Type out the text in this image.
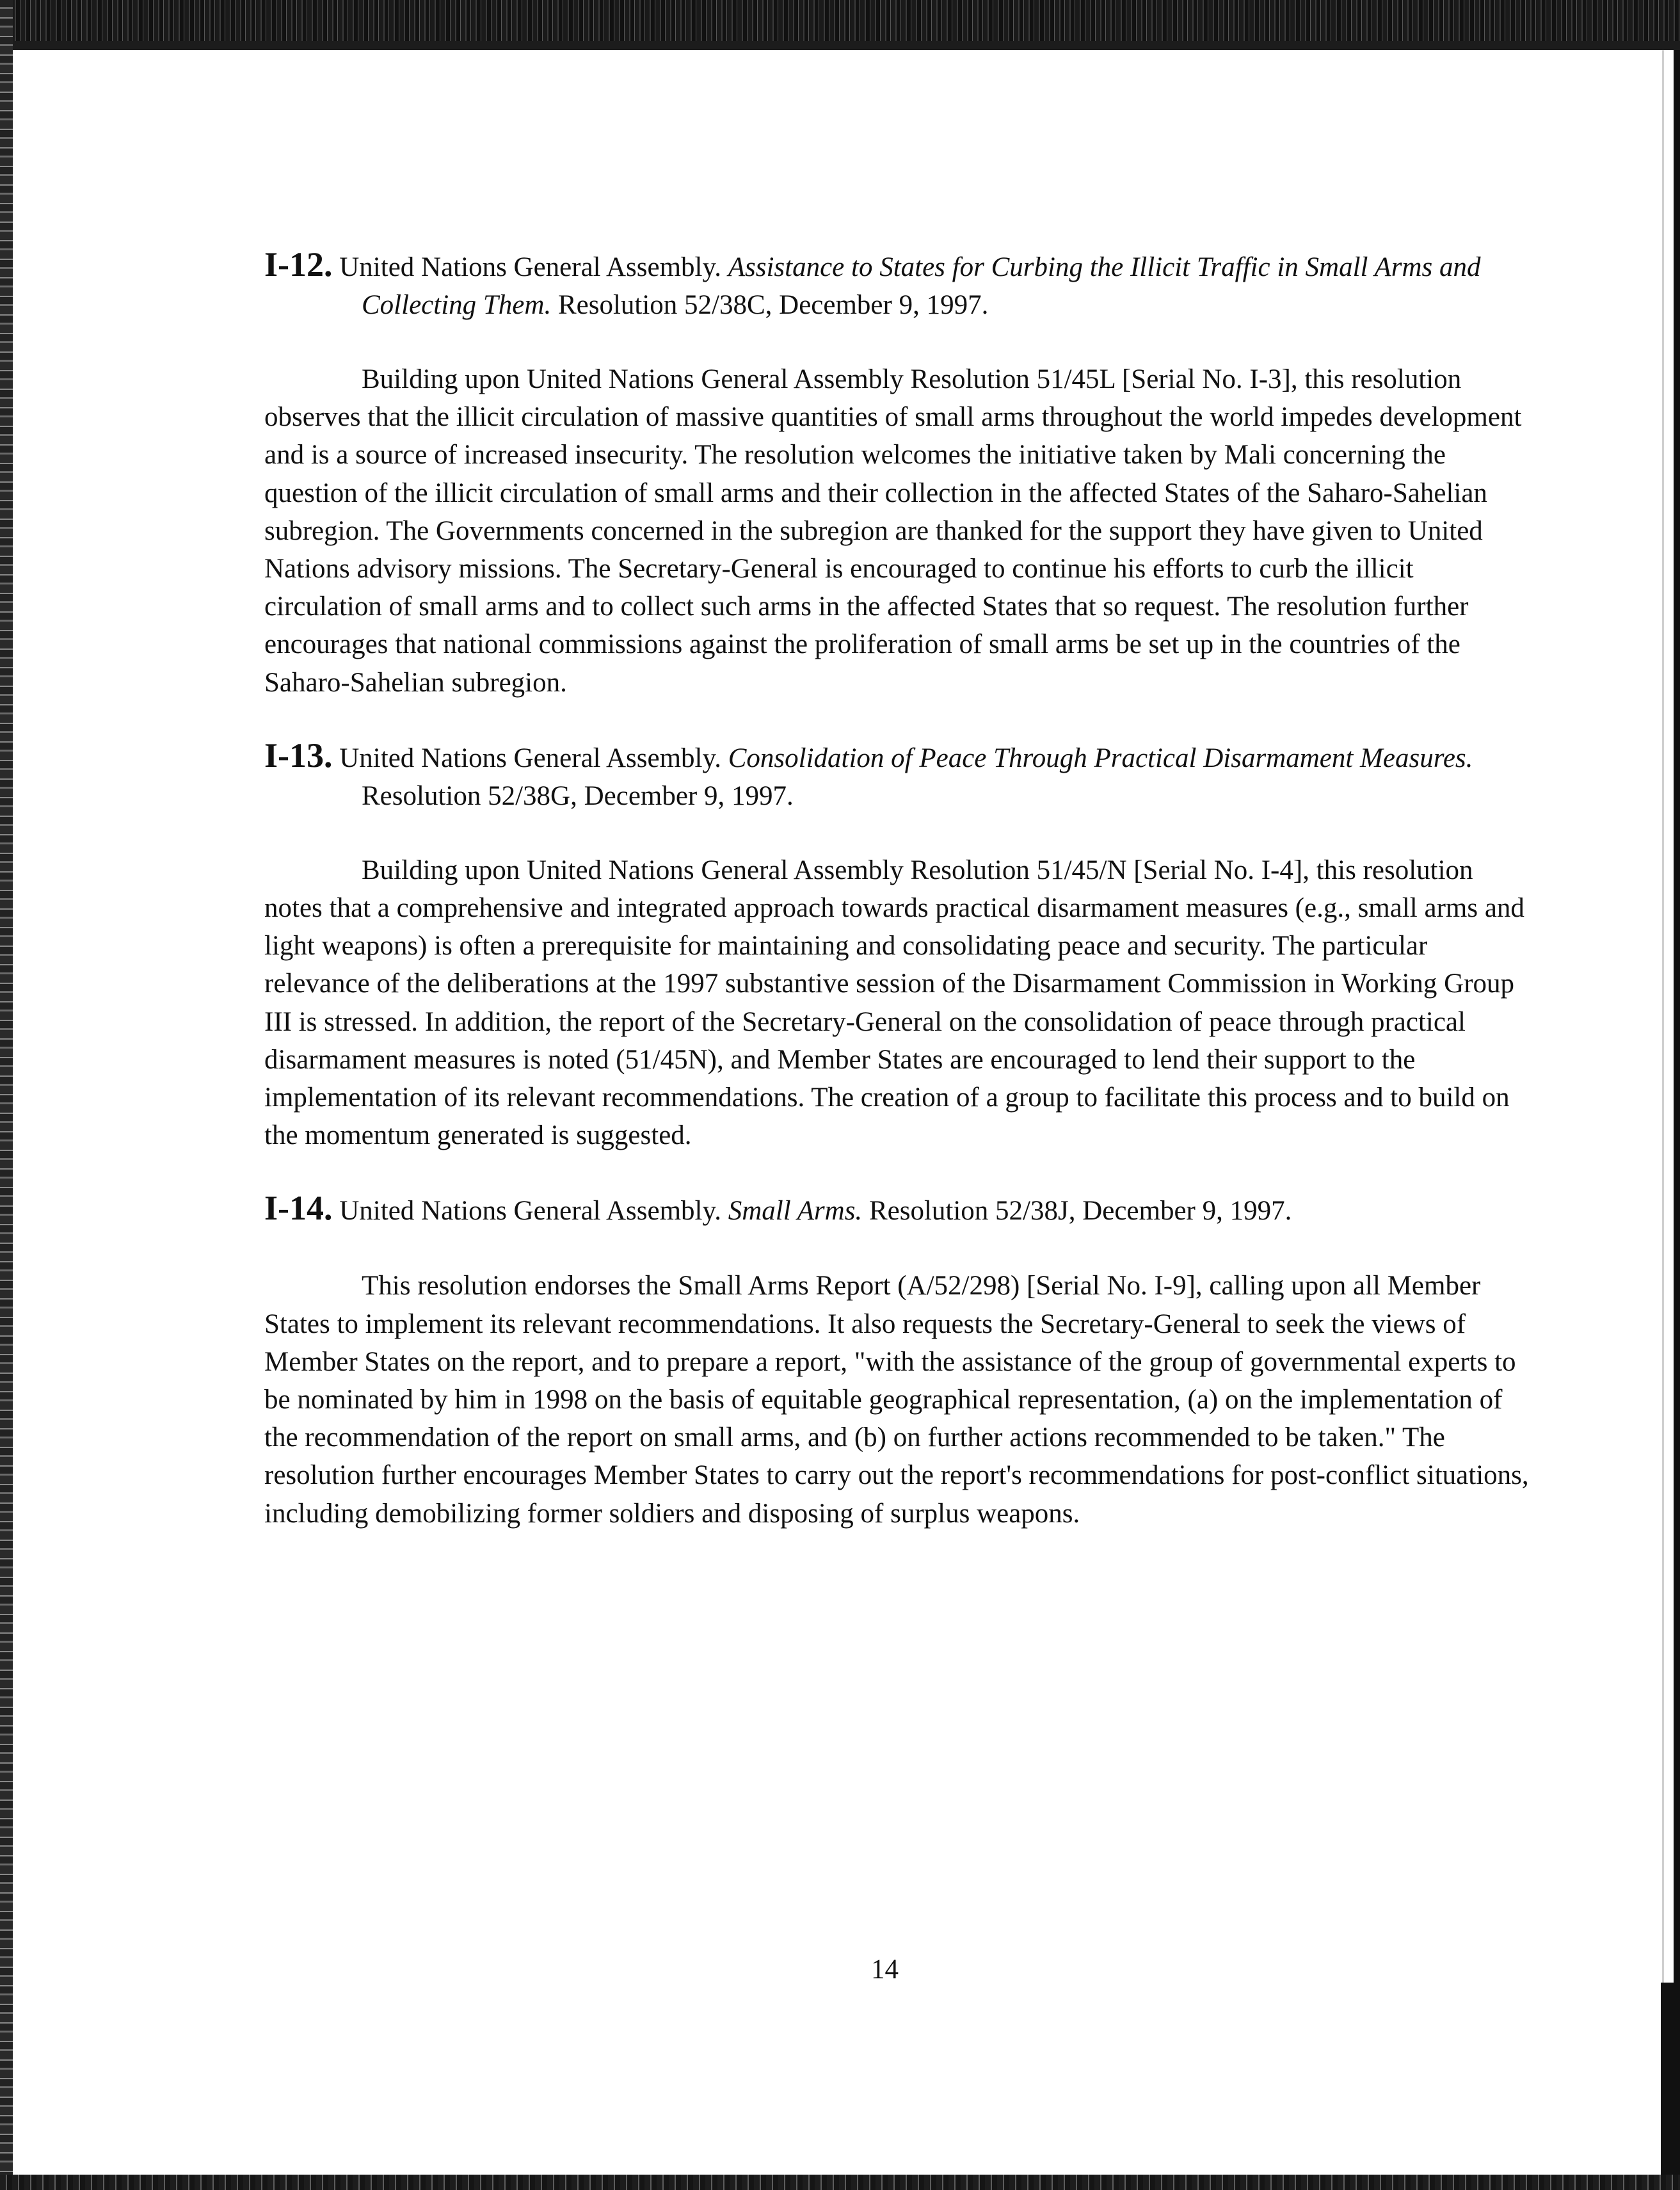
I-12. United Nations General Assembly. Assistance to States for Curbing the Illicit Traffic in Small Arms and Collecting Them. Resolution 52/38C, December 9, 1997.

Building upon United Nations General Assembly Resolution 51/45L [Serial No. I-3], this resolution observes that the illicit circulation of massive quantities of small arms throughout the world impedes development and is a source of increased insecurity. The resolution welcomes the initiative taken by Mali concerning the question of the illicit circulation of small arms and their collection in the affected States of the Saharo-Sahelian subregion. The Governments concerned in the subregion are thanked for the support they have given to United Nations advisory missions. The Secretary-General is encouraged to continue his efforts to curb the illicit circulation of small arms and to collect such arms in the affected States that so request. The resolution further encourages that national commissions against the proliferation of small arms be set up in the countries of the Saharo-Sahelian subregion.

I-13. United Nations General Assembly. Consolidation of Peace Through Practical Disarmament Measures. Resolution 52/38G, December 9, 1997.

Building upon United Nations General Assembly Resolution 51/45/N [Serial No. I-4], this resolution notes that a comprehensive and integrated approach towards practical disarmament measures (e.g., small arms and light weapons) is often a prerequisite for maintaining and consolidating peace and security. The particular relevance of the deliberations at the 1997 substantive session of the Disarmament Commission in Working Group III is stressed. In addition, the report of the Secretary-General on the consolidation of peace through practical disarmament measures is noted (51/45N), and Member States are encouraged to lend their support to the implementation of its relevant recommendations. The creation of a group to facilitate this process and to build on the momentum generated is suggested.

I-14. United Nations General Assembly. Small Arms. Resolution 52/38J, December 9, 1997.

This resolution endorses the Small Arms Report (A/52/298) [Serial No. I-9], calling upon all Member States to implement its relevant recommendations. It also requests the Secretary-General to seek the views of Member States on the report, and to prepare a report, "with the assistance of the group of governmental experts to be nominated by him in 1998 on the basis of equitable geographical representation, (a) on the implementation of the recommendation of the report on small arms, and (b) on further actions recommended to be taken." The resolution further encourages Member States to carry out the report's recommendations for post-conflict situations, including demobilizing former soldiers and disposing of surplus weapons.

14
